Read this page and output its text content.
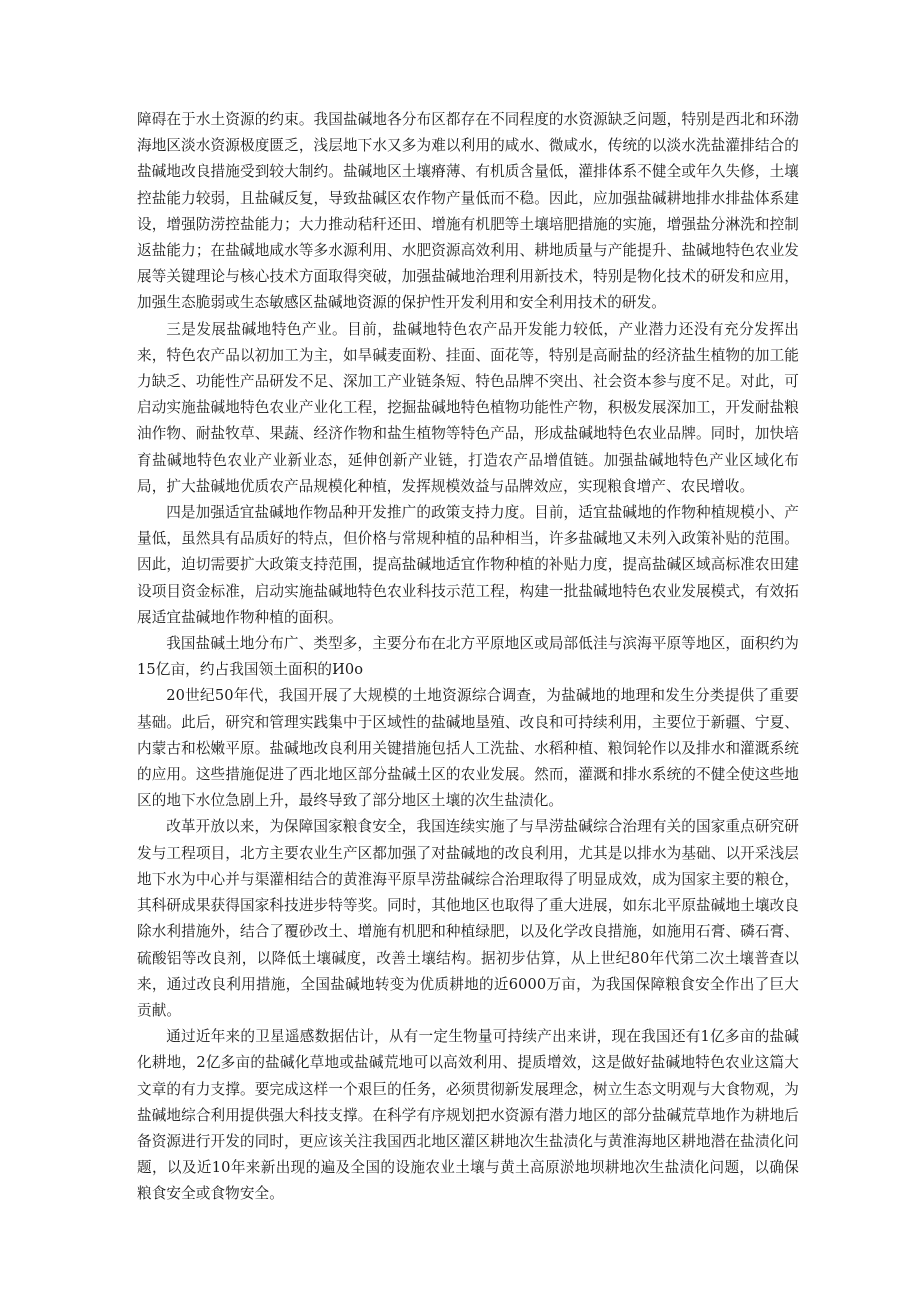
障碍在于水土资源的约束。我国盐碱地各分布区都存在不同程度的水资源缺乏问题，特别是西北和环渤海地区淡水资源极度匮乏，浅层地下水又多为难以利用的咸水、微咸水，传统的以淡水洗盐灌排结合的盐碱地改良措施受到较大制约。盐碱地区土壤瘠薄、有机质含量低，灌排体系不健全或年久失修，土壤控盐能力较弱，且盐碱反复，导致盐碱区农作物产量低而不稳。因此，应加强盐碱耕地排水排盐体系建设，增强防涝控盐能力；大力推动秸秆还田、增施有机肥等土壤培肥措施的实施，增强盐分淋洗和控制返盐能力；在盐碱地咸水等多水源利用、水肥资源高效利用、耕地质量与产能提升、盐碱地特色农业发展等关键理论与核心技术方面取得突破，加强盐碱地治理利用新技术，特别是物化技术的研发和应用，加强生态脆弱或生态敏感区盐碱地资源的保护性开发利用和安全利用技术的研发。

三是发展盐碱地特色产业。目前，盐碱地特色农产品开发能力较低，产业潜力还没有充分发挥出来，特色农产品以初加工为主，如旱碱麦面粉、挂面、面花等，特别是高耐盐的经济盐生植物的加工能力缺乏、功能性产品研发不足、深加工产业链条短、特色品牌不突出、社会资本参与度不足。对此，可启动实施盐碱地特色农业产业化工程，挖掘盐碱地特色植物功能性产物，积极发展深加工，开发耐盐粮油作物、耐盐牧草、果蔬、经济作物和盐生植物等特色产品，形成盐碱地特色农业品牌。同时，加快培育盐碱地特色农业产业新业态，延伸创新产业链，打造农产品增值链。加强盐碱地特色产业区域化布局，扩大盐碱地优质农产品规模化种植，发挥规模效益与品牌效应，实现粮食增产、农民增收。

四是加强适宜盐碱地作物品种开发推广的政策支持力度。目前，适宜盐碱地的作物种植规模小、产量低，虽然具有品质好的特点，但价格与常规种植的品种相当，许多盐碱地又未列入政策补贴的范围。因此，迫切需要扩大政策支持范围，提高盐碱地适宜作物种植的补贴力度，提高盐碱区域高标准农田建设项目资金标准，启动实施盐碱地特色农业科技示范工程，构建一批盐碱地特色农业发展模式，有效拓展适宜盐碱地作物种植的面积。

我国盐碱土地分布广、类型多，主要分布在北方平原地区或局部低洼与滨海平原等地区，面积约为15亿亩，约占我国领土面积的И0o

20世纪50年代，我国开展了大规模的土地资源综合调查，为盐碱地的地理和发生分类提供了重要基础。此后，研究和管理实践集中于区域性的盐碱地垦殖、改良和可持续利用，主要位于新疆、宁夏、内蒙古和松嫩平原。盐碱地改良利用关键措施包括人工洗盐、水稻种植、粮饲轮作以及排水和灌溉系统的应用。这些措施促进了西北地区部分盐碱土区的农业发展。然而，灌溉和排水系统的不健全使这些地区的地下水位急剧上升，最终导致了部分地区土壤的次生盐渍化。

改革开放以来，为保障国家粮食安全，我国连续实施了与旱涝盐碱综合治理有关的国家重点研究研发与工程项目，北方主要农业生产区都加强了对盐碱地的改良利用，尤其是以排水为基础、以开采浅层地下水为中心并与渠灌相结合的黄淮海平原旱涝盐碱综合治理取得了明显成效，成为国家主要的粮仓，其科研成果获得国家科技进步特等奖。同时，其他地区也取得了重大进展，如东北平原盐碱地土壤改良除水利措施外，结合了覆砂改土、增施有机肥和种植绿肥，以及化学改良措施，如施用石膏、磷石膏、硫酸铝等改良剂，以降低土壤碱度，改善土壤结构。据初步估算，从上世纪80年代第二次土壤普查以来，通过改良利用措施，全国盐碱地转变为优质耕地的近6000万亩，为我国保障粮食安全作出了巨大贡献。

通过近年来的卫星遥感数据估计，从有一定生物量可持续产出来讲，现在我国还有1亿多亩的盐碱化耕地，2亿多亩的盐碱化草地或盐碱荒地可以高效利用、提质增效，这是做好盐碱地特色农业这篇大文章的有力支撑。要完成这样一个艰巨的任务，必须贯彻新发展理念，树立生态文明观与大食物观，为盐碱地综合利用提供强大科技支撑。在科学有序规划把水资源有潜力地区的部分盐碱荒草地作为耕地后备资源进行开发的同时，更应该关注我国西北地区灌区耕地次生盐渍化与黄淮海地区耕地潜在盐渍化问题，以及近10年来新出现的遍及全国的设施农业土壤与黄土高原淤地坝耕地次生盐渍化问题，以确保粮食安全或食物安全。
